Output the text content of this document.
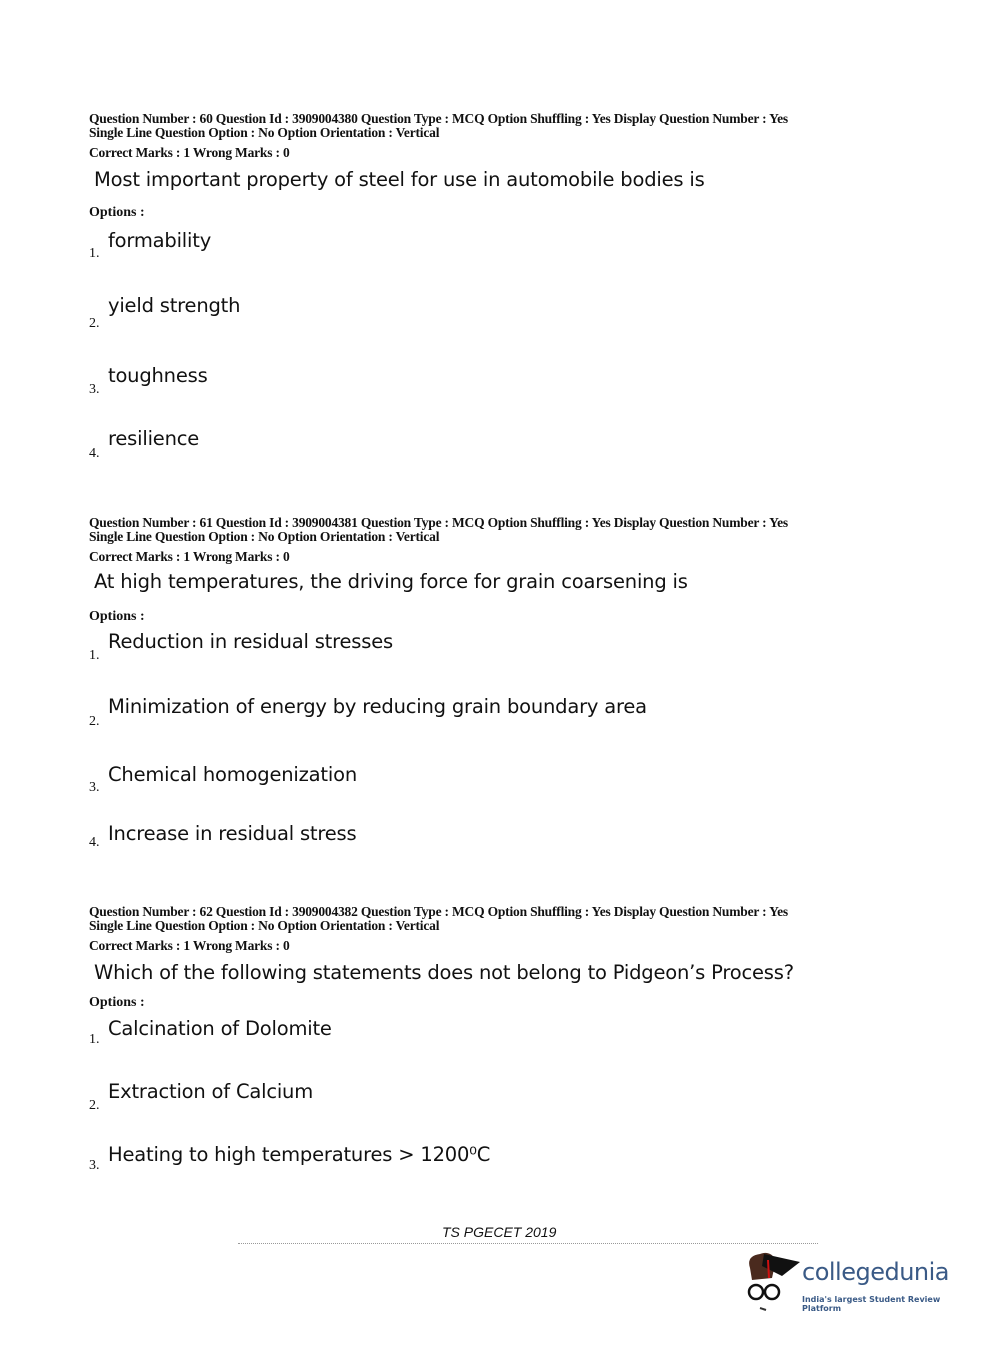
Question Number : 60 Question Id : 3909004380 Question Type : MCQ Option Shuffling : Yes Display Question Number : Yes
Single Line Question Option : No Option Orientation : Vertical
Correct Marks : 1 Wrong Marks : 0
Most important property of steel for use in automobile bodies is
Options :
formability
1.
yield strength
2.
toughness
3.
resilience
4.
Question Number : 61 Question Id : 3909004381 Question Type : MCQ Option Shuffling : Yes Display Question Number : Yes
Single Line Question Option : No Option Orientation : Vertical
Correct Marks : 1 Wrong Marks : 0
At high temperatures, the driving force for grain coarsening is
Options :
Reduction in residual stresses
1.
Minimization of energy by reducing grain boundary area
2.
Chemical homogenization
3.
Increase in residual stress
4.
Question Number : 62 Question Id : 3909004382 Question Type : MCQ Option Shuffling : Yes Display Question Number : Yes
Single Line Question Option : No Option Orientation : Vertical
Correct Marks : 1 Wrong Marks : 0
Which of the following statements does not belong to Pidgeon’s Process?
Options :
Calcination of Dolomite
1.
Extraction of Calcium
2.
Heating to high temperatures > 1200⁰C
3.
TS PGECET 2019
collegedunia
India's largest Student Review Platform
